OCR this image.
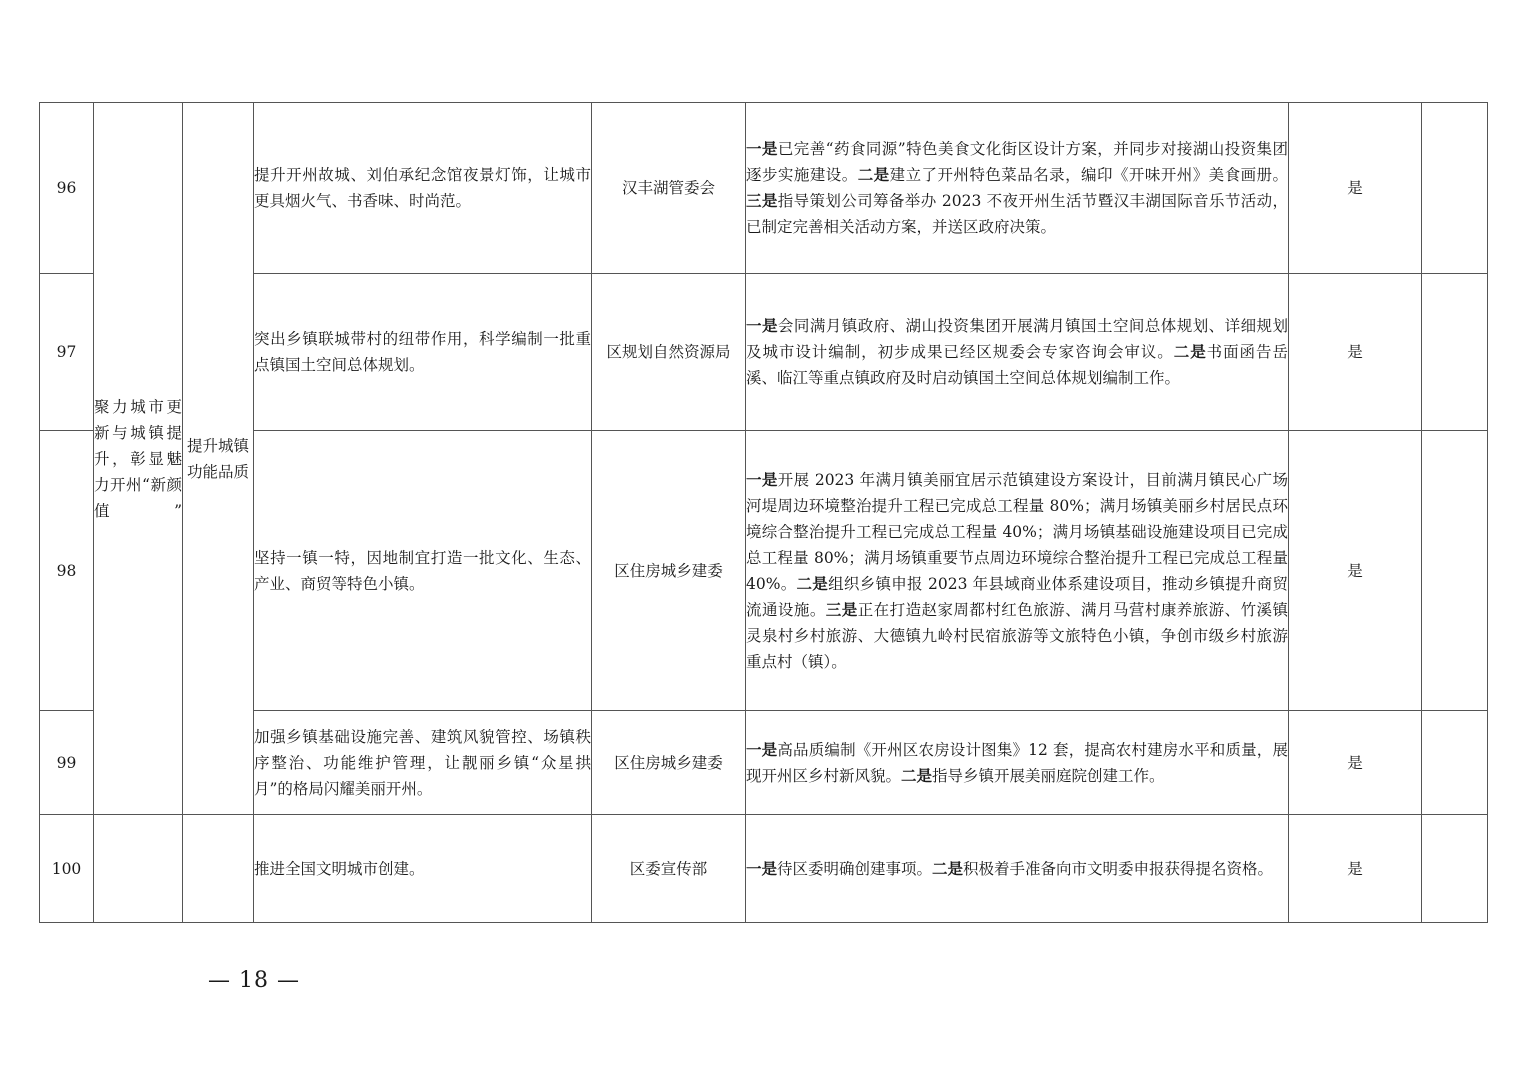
96	聚力城市更新与城镇提升，彰显魅力开州“新颜值”	提升城镇功能品质	提升开州故城、刘伯承纪念馆夜景灯饰，让城市更具烟火气、书香味、时尚范。	汉丰湖管委会	一是已完善“药食同源”特色美食文化街区设计方案，并同步对接湖山投资集团逐步实施建设。二是建立了开州特色菜品名录，编印《开味开州》美食画册。三是指导策划公司筹备举办 2023 不夜开州生活节暨汉丰湖国际音乐节活动，已制定完善相关活动方案，并送区政府决策。	是	
97			突出乡镇联城带村的纽带作用，科学编制一批重点镇国土空间总体规划。	区规划自然资源局	一是会同满月镇政府、湖山投资集团开展满月镇国土空间总体规划、详细规划及城市设计编制，初步成果已经区规委会专家咨询会审议。二是书面函告岳溪、临江等重点镇政府及时启动镇国土空间总体规划编制工作。	是	
98			坚持一镇一特，因地制宜打造一批文化、生态、产业、商贸等特色小镇。	区住房城乡建委	一是开展 2023 年满月镇美丽宜居示范镇建设方案设计，目前满月镇民心广场河堤周边环境整治提升工程已完成总工程量 80%；满月场镇美丽乡村居民点环境综合整治提升工程已完成总工程量 40%；满月场镇基础设施建设项目已完成总工程量 80%；满月场镇重要节点周边环境综合整治提升工程已完成总工程量 40%。二是组织乡镇申报 2023 年县域商业体系建设项目，推动乡镇提升商贸流通设施。三是正在打造赵家周都村红色旅游、满月马营村康养旅游、竹溪镇灵泉村乡村旅游、大德镇九岭村民宿旅游等文旅特色小镇，争创市级乡村旅游重点村（镇）。	是	
99			加强乡镇基础设施完善、建筑风貌管控、场镇秩序整治、功能维护管理，让靓丽乡镇“众星拱月”的格局闪耀美丽开州。	区住房城乡建委	一是高品质编制《开州区农房设计图集》12 套，提高农村建房水平和质量，展现开州区乡村新风貌。二是指导乡镇开展美丽庭院创建工作。	是	
100			推进全国文明城市创建。	区委宣传部	一是待区委明确创建事项。二是积极着手准备向市文明委申报获得提名资格。	是	
— 18 —
